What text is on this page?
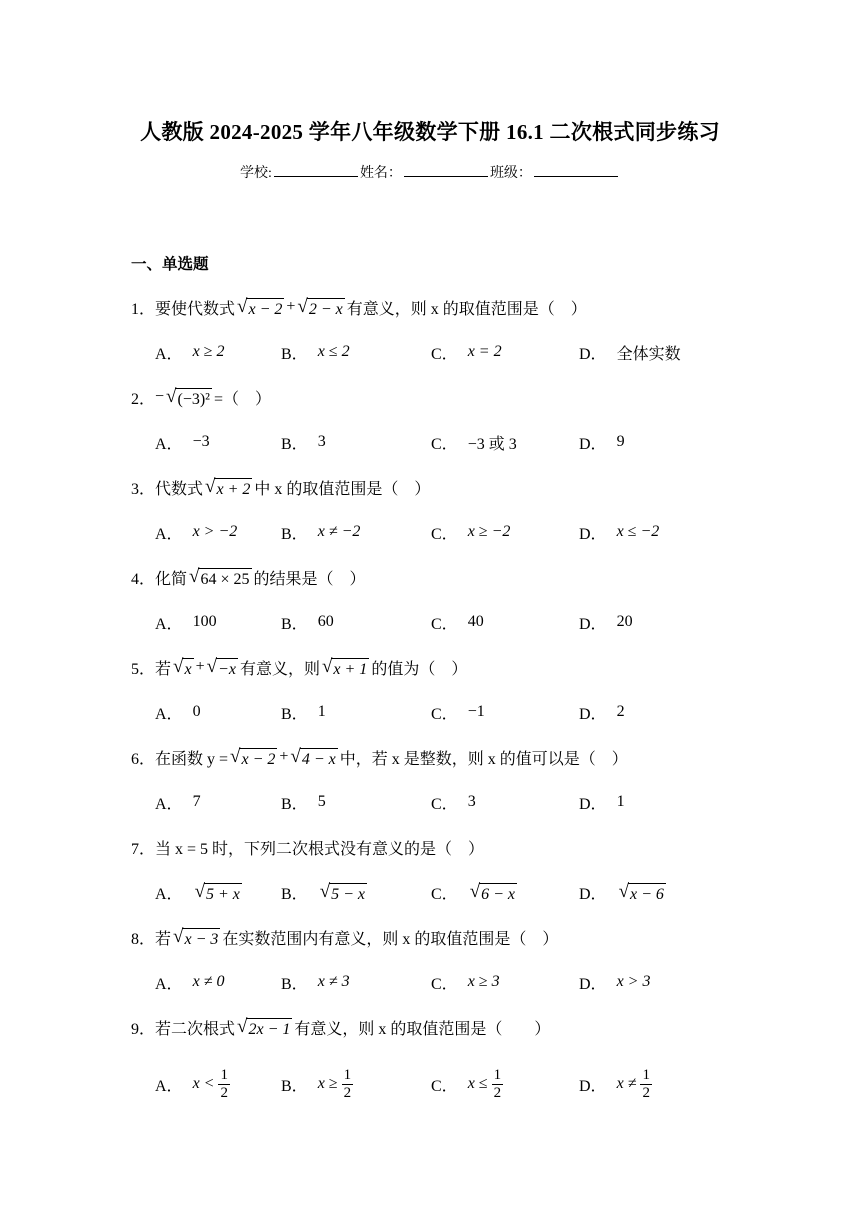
人教版 2024-2025 学年八年级数学下册 16.1 二次根式同步练习
学校:	姓名：	班级：
一、单选题
1． 要使代数式 √ x − 2 + √ 2 − x 有意义，则 x 的取值范围是（　）
A． x ≥ 2	B． x ≤ 2	C． x = 2	D． 全体实数
2． − √ (−3)² =（　）
A． −3	B． 3	C． −3 或 3	D． 9
3． 代数式 √ x + 2 中 x 的取值范围是（　）
A． x > −2	B． x ≠ −2	C． x ≥ −2	D． x ≤ −2
4． 化简 √ 64 × 25 的结果是（　）
A． 100	B． 60	C． 40	D． 20
5． 若 √ x + √ −x 有意义，则 √ x + 1 的值为（　）
A． 0	B． 1	C． −1	D． 2
6． 在函数 y = √ x − 2 + √ 4 − x 中，若 x 是整数，则 x 的值可以是（　）
A． 7	B． 5	C． 3	D． 1
7． 当 x = 5 时，下列二次根式没有意义的是（　）
A． √ 5 + x	B． √ 5 − x	C． √ 6 − x	D． √ x − 6
8． 若 √ x − 3 在实数范围内有意义，则 x 的取值范围是（　）
A． x ≠ 0	B． x ≠ 3	C． x ≥ 3	D． x > 3
9． 若二次根式 √ 2x − 1 有意义，则 x 的取值范围是（　　）
A． $x < \frac{1}{2}$	B． $x \ge \frac{1}{2}$	C． $x \le \frac{1}{2}$	D． $x \ne \frac{1}{2}$
